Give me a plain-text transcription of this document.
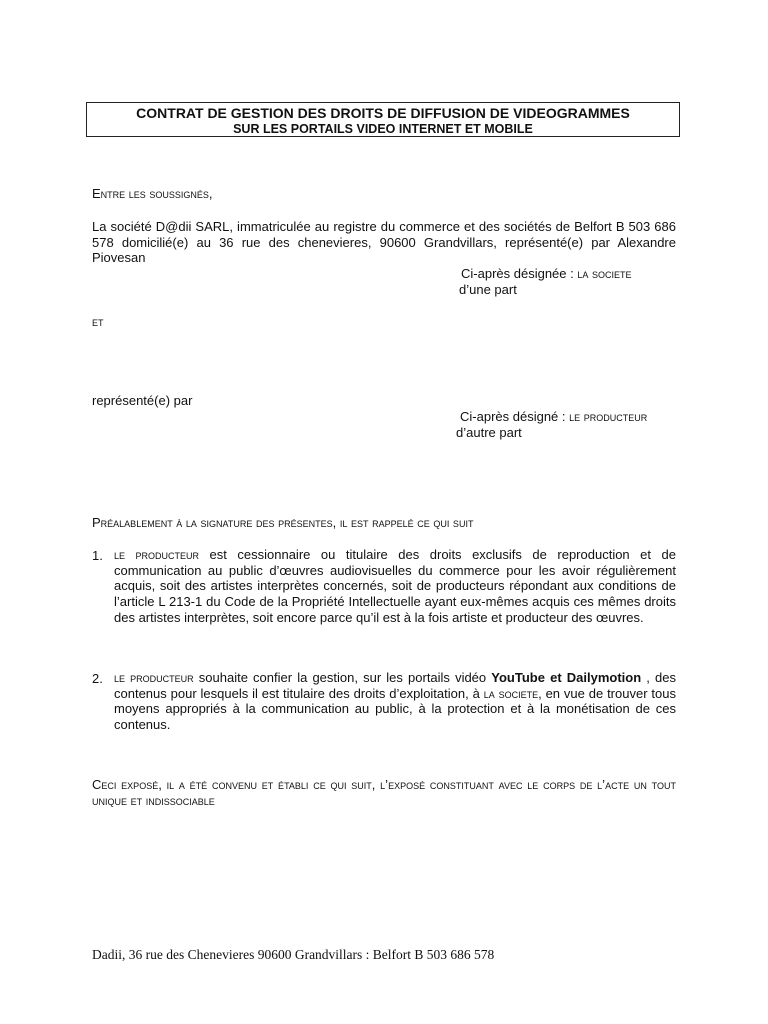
CONTRAT DE GESTION DES DROITS DE DIFFUSION DE VIDEOGRAMMES
SUR LES PORTAILS VIDEO INTERNET ET MOBILE
Entre les soussignés,
La société D@dii SARL, immatriculée au registre du commerce et des sociétés de Belfort B 503 686 578 domicilié(e) au 36 rue des chenevieres, 90600 Grandvillars, représenté(e) par Alexandre Piovesan
Ci-après désignée : la societe
d’une part
et
représenté(e) par
Ci-après désigné : le producteur
d’autre part
Préalablement à la signature des présentes, il est rappelé ce qui suit
1. le producteur est cessionnaire ou titulaire des droits exclusifs de reproduction et de communication au public d’œuvres audiovisuelles du commerce pour les avoir régulièrement acquis, soit des artistes interprètes concernés, soit de producteurs répondant aux conditions de l’article L 213-1 du Code de la Propriété Intellectuelle ayant eux-mêmes acquis ces mêmes droits des artistes interprètes, soit encore parce qu’il est à la fois artiste et producteur des œuvres.
2. le producteur souhaite confier la gestion, sur les portails vidéo YouTube et Dailymotion , des contenus pour lesquels il est titulaire des droits d’exploitation, à la societe, en vue de trouver tous moyens appropriés à la communication au public, à la protection et à la monétisation de ces contenus.
Ceci exposé, il a été convenu et établi ce qui suit, l’exposé constituant avec le corps de l’acte un tout unique et indissociable
Dadii, 36 rue des Chenevieres 90600 Grandvillars : Belfort B 503 686 578
